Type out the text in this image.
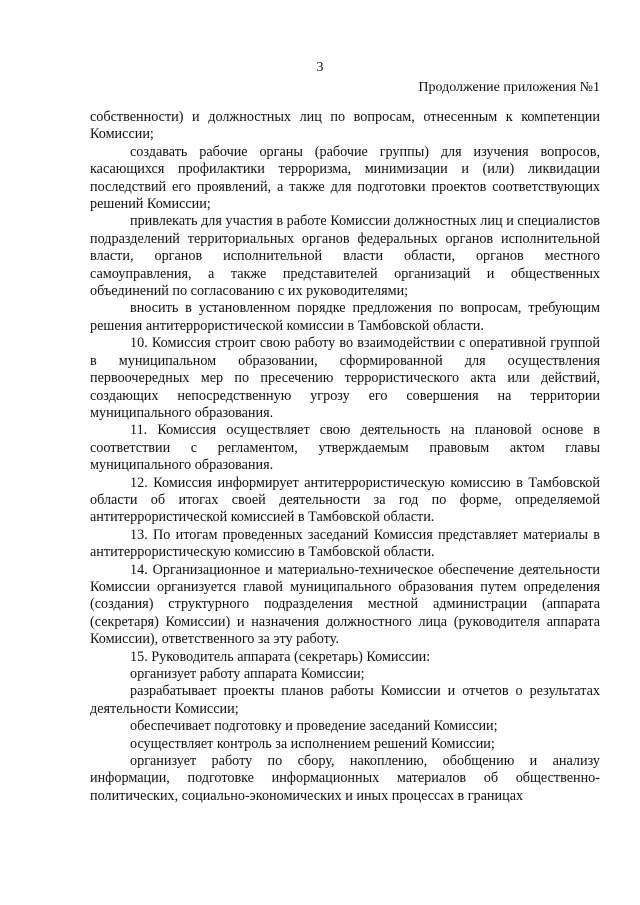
3
Продолжение приложения №1

собственности) и должностных лиц по вопросам, отнесенным к компетенции Комиссии;

создавать рабочие органы (рабочие группы) для изучения вопросов, касающихся профилактики терроризма, минимизации и (или) ликвидации последствий его проявлений, а также для подготовки проектов соответствующих решений Комиссии;

привлекать для участия в работе Комиссии должностных лиц и специалистов подразделений территориальных органов федеральных органов исполнительной власти, органов исполнительной власти области, органов местного самоуправления, а также представителей организаций и общественных объединений по согласованию с их руководителями;

вносить в установленном порядке предложения по вопросам, требующим решения антитеррористической комиссии в Тамбовской области.

10. Комиссия строит свою работу во взаимодействии с оперативной группой в муниципальном образовании, сформированной для осуществления первоочередных мер по пресечению террористического акта или действий, создающих непосредственную угрозу его совершения на территории муниципального образования.

11. Комиссия осуществляет свою деятельность на плановой основе в соответствии с регламентом, утверждаемым правовым актом главы муниципального образования.

12. Комиссия информирует антитеррористическую комиссию в Тамбовской области об итогах своей деятельности за год по форме, определяемой антитеррористической комиссией в Тамбовской области.

13. По итогам проведенных заседаний Комиссия представляет материалы в антитеррористическую комиссию в Тамбовской области.

14. Организационное и материально-техническое обеспечение деятельности Комиссии организуется главой муниципального образования путем определения (создания) структурного подразделения местной администрации (аппарата (секретаря) Комиссии) и назначения должностного лица (руководителя аппарата Комиссии), ответственного за эту работу.

15. Руководитель аппарата (секретарь) Комиссии:

организует работу аппарата Комиссии;

разрабатывает проекты планов работы Комиссии и отчетов о результатах деятельности Комиссии;

обеспечивает подготовку и проведение заседаний Комиссии;

осуществляет контроль за исполнением решений Комиссии;

организует работу по сбору, накоплению, обобщению и анализу информации, подготовке информационных материалов об общественно-политических, социально-экономических и иных процессах в границах
